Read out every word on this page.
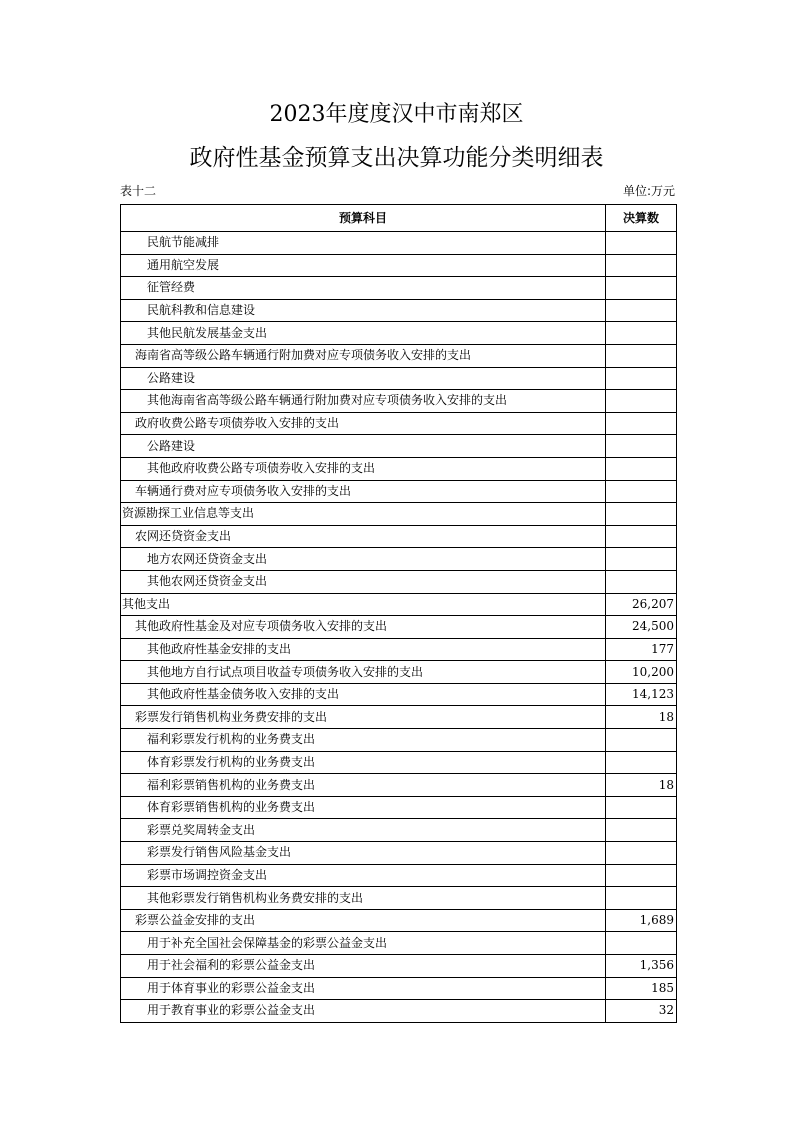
2023年度度汉中市南郑区
政府性基金预算支出决算功能分类明细表
表十二	单位:万元
预算科目	决算数
民航节能减排	
通用航空发展	
征管经费	
民航科教和信息建设	
其他民航发展基金支出	
海南省高等级公路车辆通行附加费对应专项债务收入安排的支出	
公路建设	
其他海南省高等级公路车辆通行附加费对应专项债务收入安排的支出	
政府收费公路专项债券收入安排的支出	
公路建设	
其他政府收费公路专项债券收入安排的支出	
车辆通行费对应专项债务收入安排的支出	
资源勘探工业信息等支出	
农网还贷资金支出	
地方农网还贷资金支出	
其他农网还贷资金支出	
其他支出	26,207
其他政府性基金及对应专项债务收入安排的支出	24,500
其他政府性基金安排的支出	177
其他地方自行试点项目收益专项债务收入安排的支出	10,200
其他政府性基金债务收入安排的支出	14,123
彩票发行销售机构业务费安排的支出	18
福利彩票发行机构的业务费支出	
体育彩票发行机构的业务费支出	
福利彩票销售机构的业务费支出	18
体育彩票销售机构的业务费支出	
彩票兑奖周转金支出	
彩票发行销售风险基金支出	
彩票市场调控资金支出	
其他彩票发行销售机构业务费安排的支出	
彩票公益金安排的支出	1,689
用于补充全国社会保障基金的彩票公益金支出	
用于社会福利的彩票公益金支出	1,356
用于体育事业的彩票公益金支出	185
用于教育事业的彩票公益金支出	32
